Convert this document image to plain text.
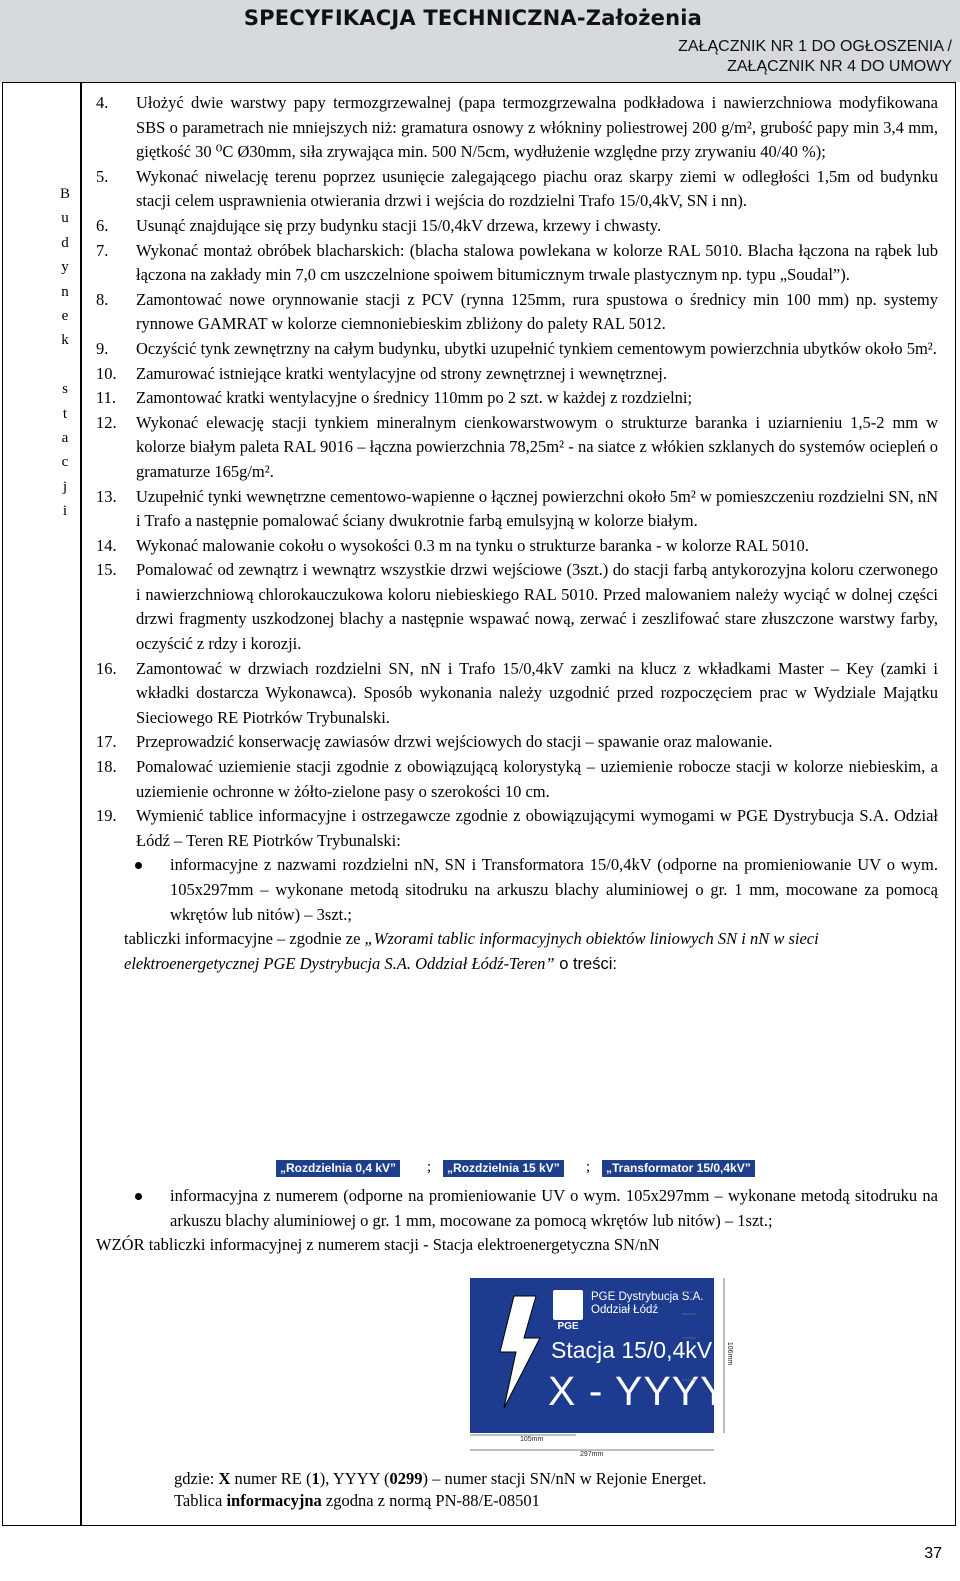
SPECYFIKACJA TECHNICZNA-Założenia
ZAŁĄCZNIK NR 1 DO OGŁOSZENIA /
ZAŁĄCZNIK NR 4 DO UMOWY
B
u
d
y
n
e
k
s
t
a
c
j
i
4.	Ułożyć dwie warstwy papy termozgrzewalnej (papa termozgrzewalna podkładowa i nawierzchniowa modyfikowana SBS o parametrach nie mniejszych niż: gramatura osnowy z włókniny poliestrowej 200 g/m², grubość papy min 3,4 mm, giętkość 30 ⁰C Ø30mm, siła zrywająca min. 500 N/5cm, wydłużenie względne przy zrywaniu 40/40 %);
5.	Wykonać niwelację terenu poprzez usunięcie zalegającego piachu oraz skarpy ziemi w odległości 1,5m od budynku stacji celem usprawnienia otwierania drzwi i wejścia do rozdzielni Trafo 15/0,4kV, SN i nn).
6.	Usunąć znajdujące się przy budynku stacji 15/0,4kV drzewa, krzewy i chwasty.
7.	Wykonać montaż obróbek blacharskich: (blacha stalowa powlekana w kolorze RAL 5010. Blacha łączona na rąbek lub łączona na zakłady min 7,0 cm uszczelnione spoiwem bitumicznym trwale plastycznym np. typu „Soudal”).
8.	Zamontować nowe orynnowanie stacji z PCV (rynna 125mm, rura spustowa o średnicy min 100 mm) np. systemy rynnowe GAMRAT w kolorze ciemnoniebieskim zbliżony do palety RAL 5012.
9.	Oczyścić tynk zewnętrzny na całym budynku, ubytki uzupełnić tynkiem cementowym powierzchnia ubytków około 5m².
10.	Zamurować istniejące kratki wentylacyjne od strony zewnętrznej i wewnętrznej.
11.	Zamontować kratki wentylacyjne o średnicy 110mm po 2 szt. w każdej z rozdzielni;
12.	Wykonać elewację stacji tynkiem mineralnym cienkowarstwowym o strukturze baranka i uziarnieniu 1,5-2 mm w kolorze białym paleta RAL 9016 – łączna powierzchnia 78,25m² - na siatce z włókien szklanych do systemów ociepleń o gramaturze 165g/m².
13.	Uzupełnić tynki wewnętrzne cementowo-wapienne o łącznej powierzchni około 5m² w pomieszczeniu rozdzielni SN, nN i Trafo a następnie pomalować ściany dwukrotnie farbą emulsyjną w kolorze białym.
14.	Wykonać malowanie cokołu o wysokości 0.3 m na tynku o strukturze baranka - w kolorze RAL 5010.
15.	Pomalować od zewnątrz i wewnątrz wszystkie drzwi wejściowe (3szt.) do stacji farbą antykorozyjna koloru czerwonego i nawierzchniową chlorokauczukowa koloru niebieskiego RAL 5010. Przed malowaniem należy wyciąć w dolnej części drzwi fragmenty uszkodzonej blachy a następnie wspawać nową, zerwać i zeszlifować stare złuszczone warstwy farby, oczyścić z rdzy i korozji.
16.	Zamontować w drzwiach rozdzielni SN, nN i Trafo 15/0,4kV zamki na klucz z wkładkami Master – Key (zamki i wkładki dostarcza Wykonawca). Sposób wykonania należy uzgodnić przed rozpoczęciem prac w Wydziale Majątku Sieciowego RE Piotrków Trybunalski.
17.	Przeprowadzić konserwację zawiasów drzwi wejściowych do stacji – spawanie oraz malowanie.
18.	Pomalować uziemienie stacji zgodnie z obowiązującą kolorystyką – uziemienie robocze stacji w kolorze niebieskim, a uziemienie ochronne w żółto-zielone pasy o szerokości 10 cm.
19.	Wymienić tablice informacyjne i ostrzegawcze zgodnie z obowiązującymi wymogami w PGE Dystrybucja S.A. Odział Łódź – Teren RE Piotrków Trybunalski:
informacyjne z nazwami rozdzielni nN, SN i Transformatora 15/0,4kV (odporne na promieniowanie UV o wym. 105x297mm – wykonane metodą sitodruku na arkuszu blachy aluminiowej o gr. 1 mm, mocowane za pomocą wkrętów lub nitów) – 3szt.;
tabliczki informacyjne – zgodnie ze „Wzorami tablic informacyjnych obiektów liniowych SN i nN w sieci elektroenergetycznej PGE Dystrybucja S.A. Oddział Łódź-Teren” o treści:
„Rozdzielnia 0,4 kV” ;	„Rozdzielnia 15 kV” ;	„Transformator 15/0,4kV”
informacyjna z numerem (odporne na promieniowanie UV o wym. 105x297mm – wykonane metodą sitodruku na arkuszu blachy aluminiowej o gr. 1 mm, mocowane za pomocą wkrętów lub nitów) – 1szt.;
WZÓR tabliczki informacyjnej z numerem stacji - Stacja elektroenergetyczna SN/nN
PGE
PGE Dystrybucja S.A.
Oddział Łódź
Stacja 15/0,4kV
X - YYYY
105mm
297mm
106mm
gdzie: X numer RE (1), YYYY (0299) – numer stacji SN/nN w Rejonie Energet.
Tablica informacyjna zgodna z normą PN-88/E-08501
37
